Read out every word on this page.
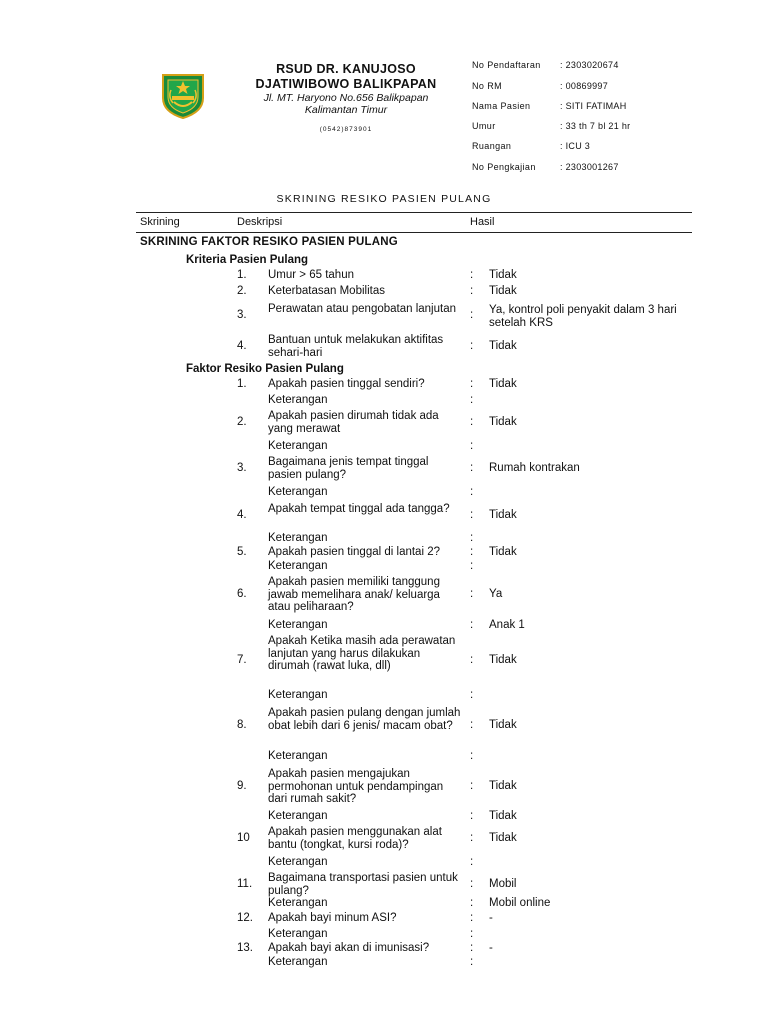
RSUD DR. KANUJOSO
DJATIWIBOWO BALIKPAPAN
Jl. MT. Haryono No.656 Balikpapan
Kalimantan Timur
(0542)873901
No Pendaftaran	: 2303020674
No RM	: 00869997
Nama Pasien	: SITI FATIMAH
Umur	: 33 th 7 bl 21 hr
Ruangan	: ICU 3
No Pengkajian	: 2303001267
SKRINING RESIKO PASIEN PULANG
Skrining	Deskripsi	Hasil
SKRINING FAKTOR RESIKO PASIEN PULANG
Kriteria Pasien Pulang
1. Umur > 65 tahun	: Tidak
2. Keterbatasan Mobilitas	: Tidak
3. Perawatan atau pengobatan lanjutan	: Ya, kontrol poli penyakit dalam 3 hari setelah KRS
4. Bantuan untuk melakukan aktifitas sehari-hari
: Tidak
Faktor Resiko Pasien Pulang
1. Apakah pasien tinggal sendiri?	: Tidak
Keterangan	:
2. Apakah pasien dirumah tidak ada yang merawat
: Tidak
Keterangan	:
3. Bagaimana jenis tempat tinggal pasien pulang?
: Rumah kontrakan
Keterangan	:
4. Apakah tempat tinggal ada tangga?	: Tidak
Keterangan	:
5. Apakah pasien tinggal di lantai 2?	: Tidak
Keterangan	:
6.
Apakah pasien memiliki tanggung jawab memelihara anak/ keluarga atau peliharaan?
: Ya
Keterangan	: Anak 1
7.
Apakah Ketika masih ada perawatan lanjutan yang harus dilakukan dirumah (rawat luka, dll)
: Tidak
Keterangan	:
8.
Apakah pasien pulang dengan jumlah obat lebih dari 6 jenis/ macam obat?	: Tidak
Keterangan	:
9.
Apakah pasien mengajukan permohonan untuk pendampingan dari rumah sakit?
: Tidak
Keterangan	: Tidak
10 Apakah pasien menggunakan alat bantu (tongkat, kursi roda)?
: Tidak
Keterangan	:
11. Bagaimana transportasi pasien untuk pulang?
: Mobil
Keterangan	: Mobil online
12. Apakah bayi minum ASI?	: -
Keterangan	:
13. Apakah bayi akan di imunisasi?	: -
Keterangan	:
